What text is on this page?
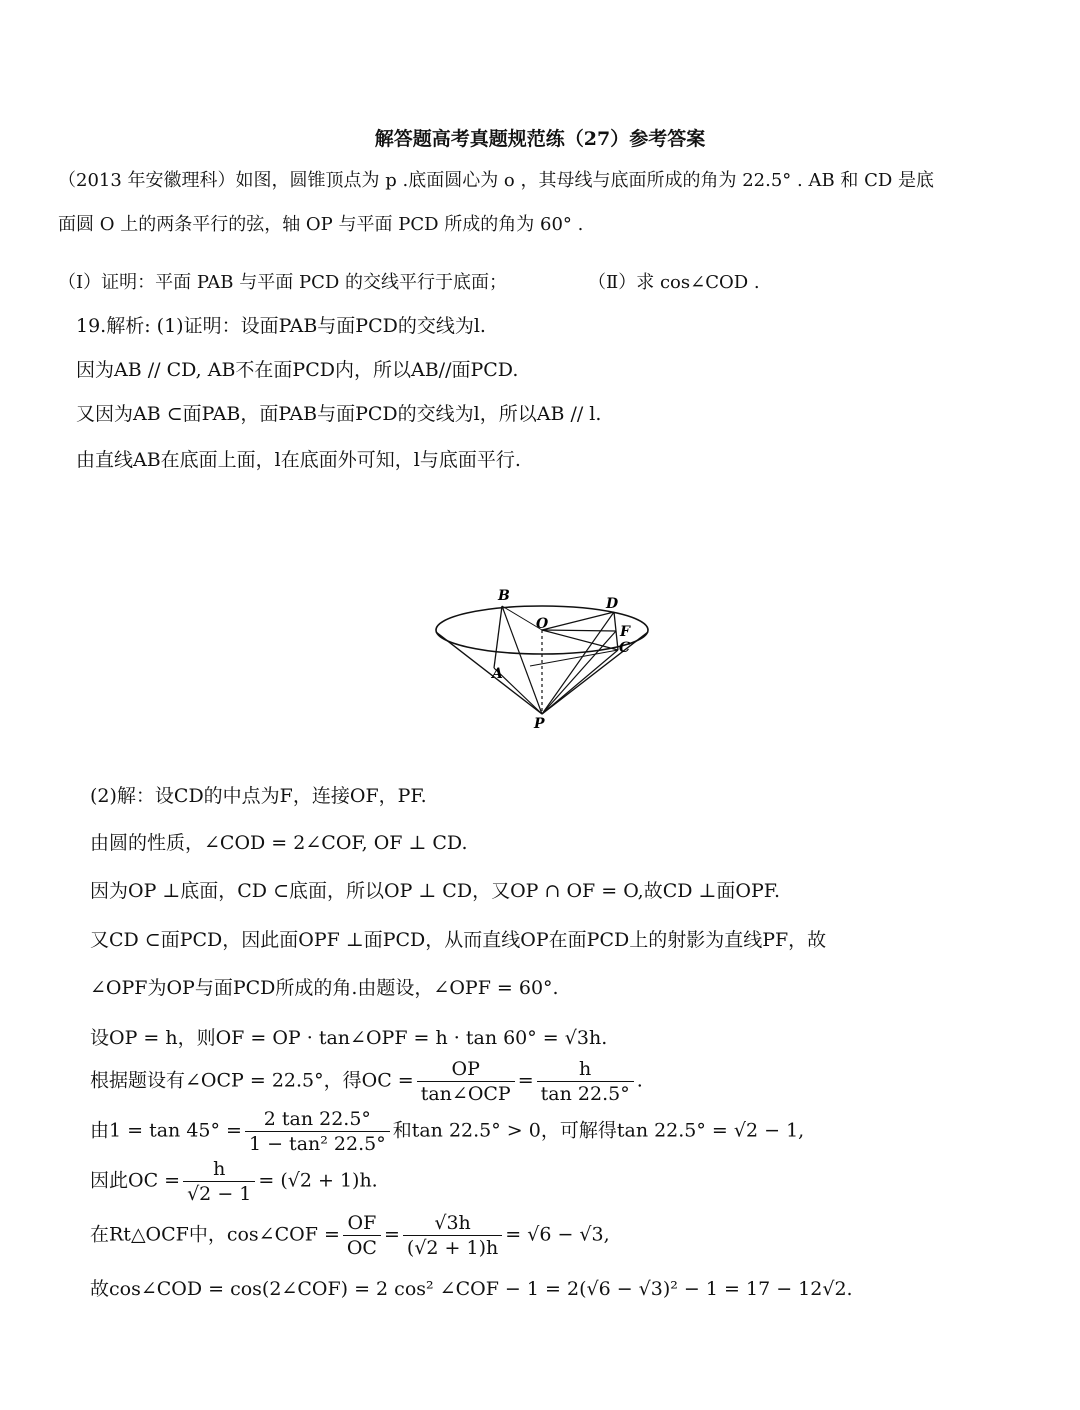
解答题高考真题规范练（27）参考答案
（2013 年安徽理科）如图，圆锥顶点为 p .底面圆心为 o ，其母线与底面所成的角为 22.5° . AB 和 CD 是底
面圆 O 上的两条平行的弦，轴 OP 与平面 PCD 所成的角为 60° .
（Ⅰ）证明：平面 PAB 与平面 PCD 的交线平行于底面；	（Ⅱ）求 cos∠COD .
19.解析: (1)证明：设面PAB与面PCD的交线为l.
因为AB // CD, AB不在面PCD内，所以AB//面PCD.
又因为AB ⊂面PAB，面PAB与面PCD的交线为l，所以AB // l.
由直线AB在底面上面，l在底面外可知，l与底面平行.
B	D
O	F
C
A
P
(2)解：设CD的中点为F，连接OF，PF.
由圆的性质，∠COD = 2∠COF, OF ⊥ CD.
因为OP ⊥底面，CD ⊂底面，所以OP ⊥ CD，又OP ∩ OF = O,故CD ⊥面OPF.
又CD ⊂面PCD，因此面OPF ⊥面PCD，从而直线OP在面PCD上的射影为直线PF，故
∠OPF为OP与面PCD所成的角.由题设，∠OPF = 60°.
设OP = h，则OF = OP · tan∠OPF = h · tan 60° = √3h.
根据题设有∠OCP = 22.5°，得OC = $\frac{OP}{\text{tan∠OCP}} = \frac{h}{\tan 22.5^\circ}$ .
由$1 = \tan 45^\circ = \frac{2 \tan 22.5^\circ}{\text{1 − tan² 22.5°}}$ 和tan 22.5° > 0，可解得tan 22.5° = √2 − 1,
因此OC = $\frac{h}{√2 - 1} = (√2 + 1)h$.
在Rt△OCF中，cos∠COF = $\frac{OF}{OC} = \frac{√3h}{(√2 + 1)h} = √6 - √3$,
故cos∠COD = cos(2∠COF) = 2 cos² ∠COF − 1 = 2(√6 − √3)² − 1 = 17 − 12√2.
